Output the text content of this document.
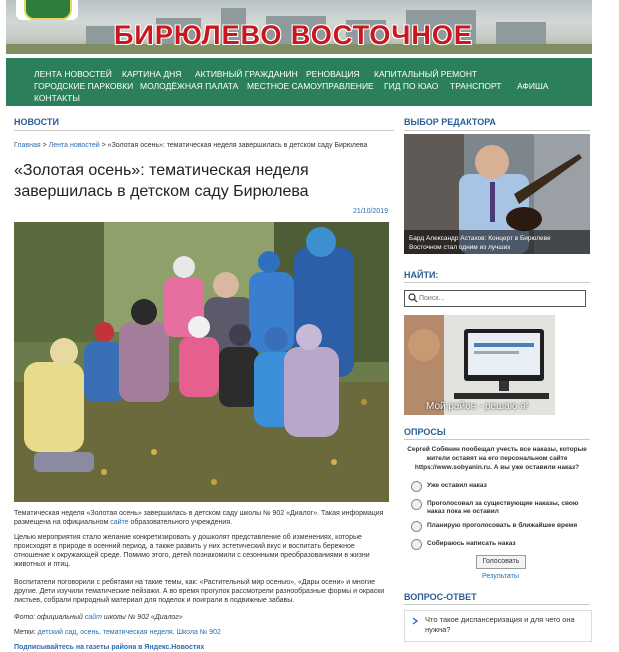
БИРЮЛЕВО ВОСТОЧНОЕ
ЛЕНТА НОВОСТЕЙ КАРТИНА ДНЯ АКТИВНЫЙ ГРАЖДАНИН РЕНОВАЦИЯ КАПИТАЛЬНЫЙ РЕМОНТ
ГОРОДСКИЕ ПАРКОВКИ МОЛОДЁЖНАЯ ПАЛАТА МЕСТНОЕ САМОУПРАВЛЕНИЕ ГИД ПО ЮАО ТРАНСПОРТ АФИША
КОНТАКТЫ
НОВОСТИ
Главная > Лента новостей > «Золотая осень»: тематическая неделя завершилась в детском саду Бирюлева
«Золотая осень»: тематическая неделя завершилась в детском саду Бирюлева
21/10/2019
Тематическая неделя «Золотая осень» завершилась в детском саду школы № 902 «Диалог». Такая информация размещена на официальном сайте образовательного учреждения.
Целью мероприятия стало желание конкретизировать у дошколят представление об изменениях, которые происходят в природе в осенний период, а также развить у них эстетический вкус и воспитать бережное отношение к окружающей среде. Помимо этого, детей познакомили с сезонными преобразованиями в жизни животных и птиц.
Воспитатели поговорили с ребятами на такие темы, как: «Растительный мир осенью», «Дары осени» и многие другие. Дети изучили тематические пейзажи. А во время прогулок рассмотрели разнообразные формы и окраски листьев, собрали природный материал для поделок и поиграли в подвижные забавы.
Фото: официальный сайт школы № 902 «Диалог»
Метки: детский сад, осень, тематическая неделя, Школа № 902
Подписывайтесь на газеты района в Яндекс.Новостях
ВЫБОР РЕДАКТОРА
Бард Александр Астахов: Концерт в Бирюлеве Восточном стал одним из лучших
НАЙТИ:
Поиск...
Мой район - решаю я!
ОПРОСЫ
Сергей Собянин пообещал учесть все наказы, которые жители оставят на его персональном сайте https://www.sobyanin.ru. А вы уже оставили наказ?
Уже оставил наказ
Проголосовал за существующие наказы, свою наказ пока не оставил
Планирую проголосовать в ближайшее время
Собираюсь написать наказ
Голосовать
Результаты
ВОПРОС-ОТВЕТ
Что такое диспансеризация и для чего она нужна?
